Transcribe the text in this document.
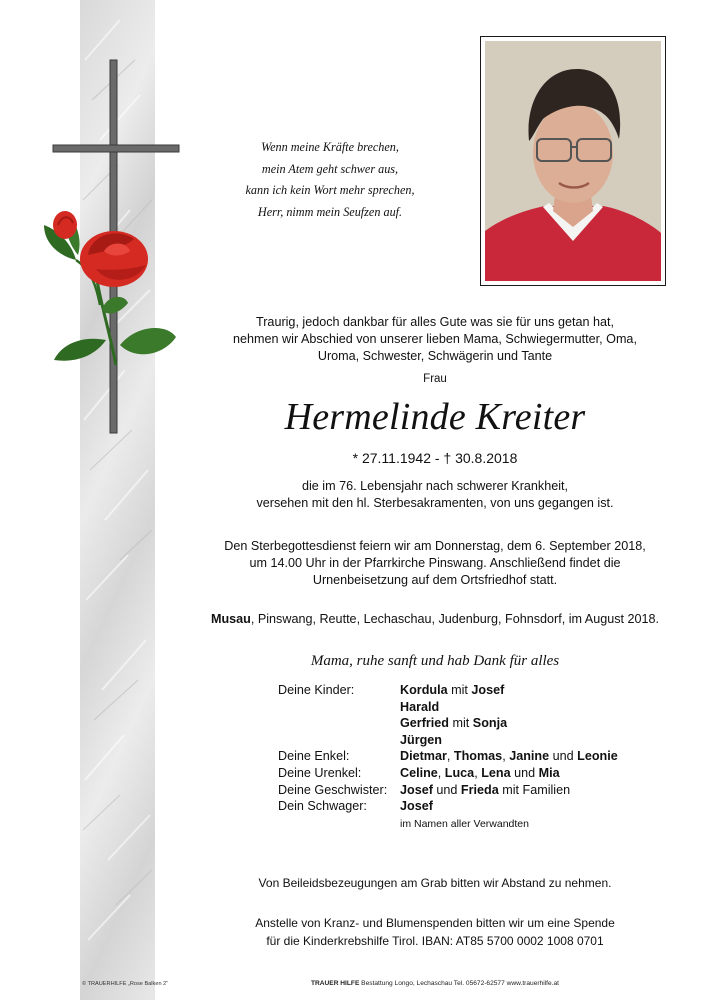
Wenn meine Kräfte brechen,
mein Atem geht schwer aus,
kann ich kein Wort mehr sprechen,
Herr, nimm mein Seufzen auf.
Traurig, jedoch dankbar für alles Gute was sie für uns getan hat,
nehmen wir Abschied von unserer lieben Mama, Schwiegermutter, Oma,
Uroma, Schwester, Schwägerin und Tante
Frau
Hermelinde Kreiter
* 27.11.1942 - † 30.8.2018
die im 76. Lebensjahr nach schwerer Krankheit,
versehen mit den hl. Sterbesakramenten, von uns gegangen ist.
Den Sterbegottesdienst feiern wir am Donnerstag, dem 6. September 2018,
um 14.00 Uhr in der Pfarrkirche Pinswang. Anschließend findet die
Urnenbeisetzung auf dem Ortsfriedhof statt.
Musau, Pinswang, Reutte, Lechaschau, Judenburg, Fohnsdorf, im August 2018.
Mama, ruhe sanft und hab Dank für alles
Deine Kinder:	Kordula mit Josef
Harald
Gerfried mit Sonja
Jürgen
Deine Enkel:	Dietmar, Thomas, Janine und Leonie
Deine Urenkel:	Celine, Luca, Lena und Mia
Deine Geschwister:	Josef und Frieda mit Familien
Dein Schwager:	Josef
im Namen aller Verwandten
Von Beileidsbezeugungen am Grab bitten wir Abstand zu nehmen.
Anstelle von Kranz- und Blumenspenden bitten wir um eine Spende
für die Kinderkrebshilfe Tirol. IBAN: AT85 5700 0002 1008 0701
© TRAUERHILFE „Rose Balken 2“	TRAUER HILFE Bestattung Longo, Lechaschau Tel. 05672-62577 www.trauerhilfe.at
